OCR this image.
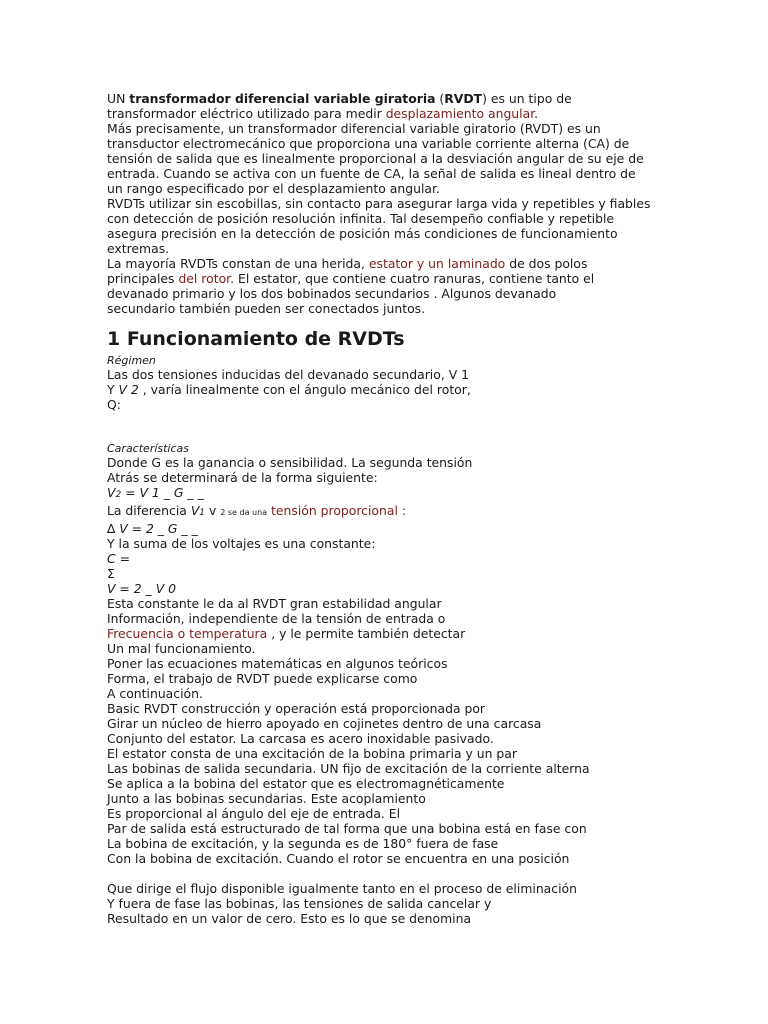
UN transformador diferencial variable giratoria (RVDT) es un tipo de

transformador eléctrico utilizado para medir desplazamiento angular.

Más precisamente, un transformador diferencial variable giratorio (RVDT) es un

transductor electromecánico que proporciona una variable corriente alterna (CA) de

tensión de salida que es linealmente proporcional a la desviación angular de su eje de

entrada. Cuando se activa con un fuente de CA, la señal de salida es lineal dentro de

un rango especificado por el desplazamiento angular.

RVDTs utilizar sin escobillas, sin contacto para asegurar larga vida y repetibles y fiables

con detección de posición resolución infinita. Tal desempeño confiable y repetible

asegura precisión en la detección de posición más condiciones de funcionamiento

extremas.

La mayoría RVDTs constan de una herida, estator y un laminado de dos polos

principales del rotor. El estator, que contiene cuatro ranuras, contiene tanto el

devanado primario y los dos bobinados secundarios . Algunos devanado

secundario también pueden ser conectados juntos.

1 Funcionamiento de RVDTs

Régimen

Las dos tensiones inducidas del devanado secundario, V 1

Y V 2 , varía linealmente con el ángulo mecánico del rotor,

Q:

Características

Donde G es la ganancia o sensibilidad. La segunda tensión

Atrás se determinará de la forma siguiente:

V2 = V 1 _ G _ _

La diferencia V1 v 2 se da una tensión proporcional :

∆ V = 2 _ G _ _

Y la suma de los voltajes es una constante:

C =

Σ

V = 2 _ V 0

Esta constante le da al RVDT gran estabilidad angular

Información, independiente de la tensión de entrada o

Frecuencia o temperatura , y le permite también detectar

Un mal funcionamiento.

Poner las ecuaciones matemáticas en algunos teóricos

Forma, el trabajo de RVDT puede explicarse como

A continuación.

Basic RVDT construcción y operación está proporcionada por

Girar un núcleo de hierro apoyado en cojinetes dentro de una carcasa

Conjunto del estator. La carcasa es acero inoxidable pasivado.

El estator consta de una excitación de la bobina primaria y un par

Las bobinas de salida secundaria. UN fijo de excitación de la corriente alterna

Se aplica a la bobina del estator que es electromagnéticamente

Junto a las bobinas secundarias. Este acoplamiento

Es proporcional al ángulo del eje de entrada. El

Par de salida está estructurado de tal forma que una bobina está en fase con

La bobina de excitación, y la segunda es de 180° fuera de fase

Con la bobina de excitación. Cuando el rotor se encuentra en una posición

Que dirige el flujo disponible igualmente tanto en el proceso de eliminación

Y fuera de fase las bobinas, las tensiones de salida cancelar y

Resultado en un valor de cero. Esto es lo que se denomina
